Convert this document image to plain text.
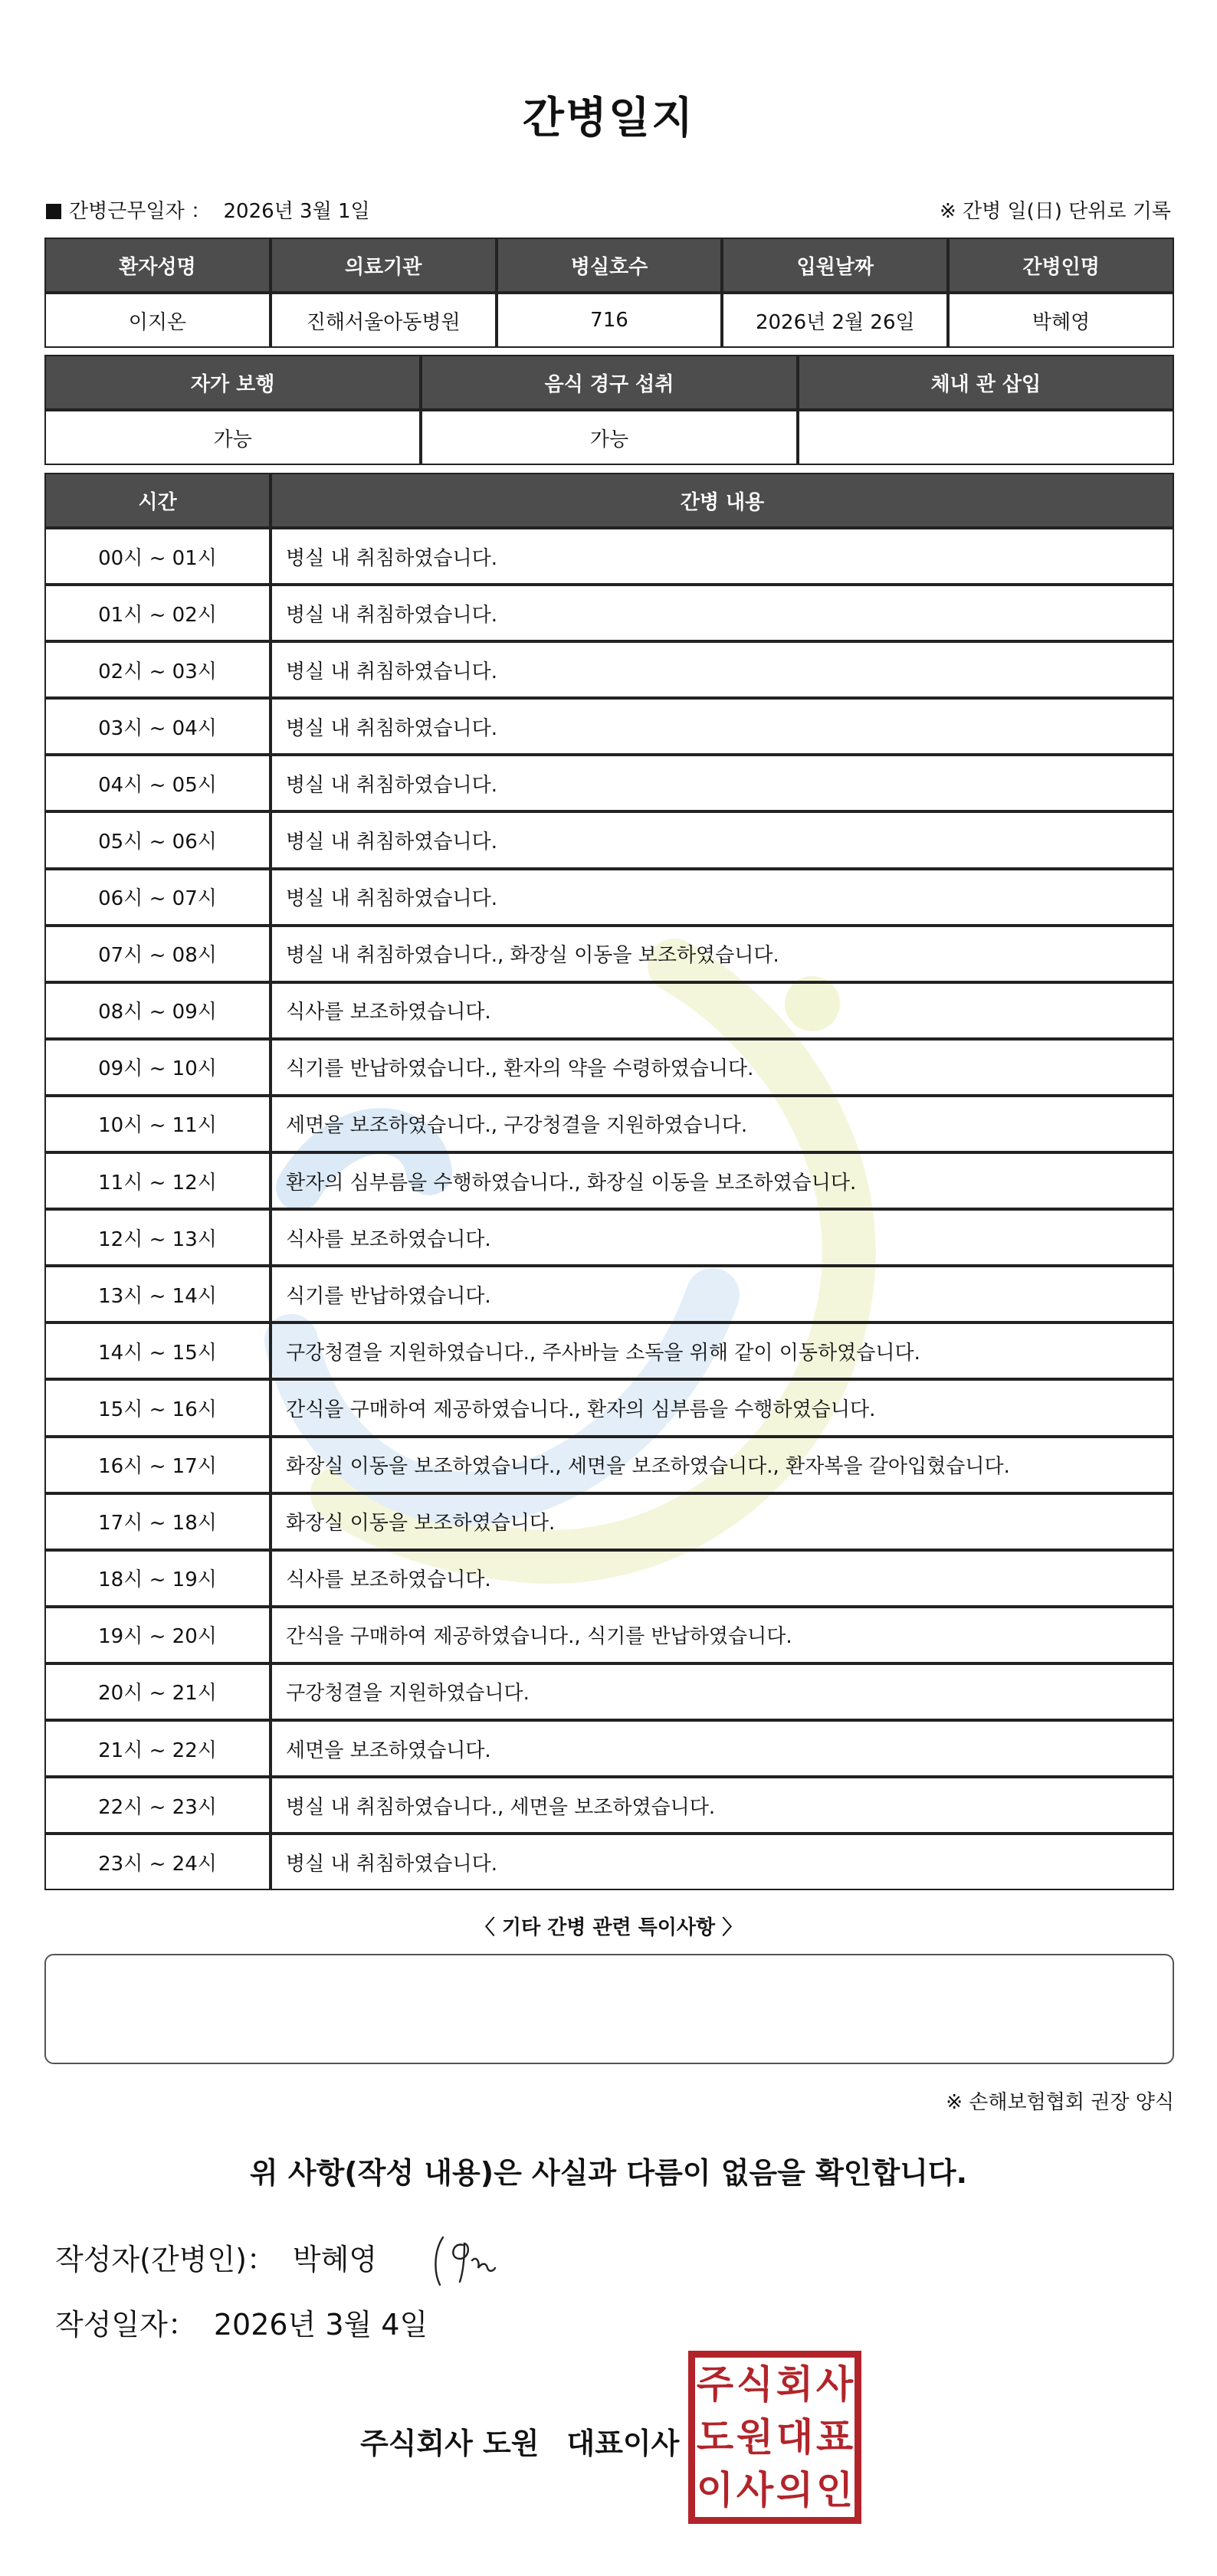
간병일지
간병근무일자 ： 2026년 3월 1일	※ 간병 일(日) 단위로 기록
환자성명	의료기관	병실호수	입원날짜	간병인명
이지온	진해서울아동병원	716	2026년 2월 26일	박혜영
자가 보행	음식 경구 섭취	체내 관 삽입
가능	가능	
시간	간병 내용
00시 ~ 01시	병실 내 취침하였습니다.
01시 ~ 02시	병실 내 취침하였습니다.
02시 ~ 03시	병실 내 취침하였습니다.
03시 ~ 04시	병실 내 취침하였습니다.
04시 ~ 05시	병실 내 취침하였습니다.
05시 ~ 06시	병실 내 취침하였습니다.
06시 ~ 07시	병실 내 취침하였습니다.
07시 ~ 08시	병실 내 취침하였습니다., 화장실 이동을 보조하였습니다.
08시 ~ 09시	식사를 보조하였습니다.
09시 ~ 10시	식기를 반납하였습니다., 환자의 약을 수령하였습니다.
10시 ~ 11시	세면을 보조하였습니다., 구강청결을 지원하였습니다.
11시 ~ 12시	환자의 심부름을 수행하였습니다., 화장실 이동을 보조하였습니다.
12시 ~ 13시	식사를 보조하였습니다.
13시 ~ 14시	식기를 반납하였습니다.
14시 ~ 15시	구강청결을 지원하였습니다., 주사바늘 소독을 위해 같이 이동하였습니다.
15시 ~ 16시	간식을 구매하여 제공하였습니다., 환자의 심부름을 수행하였습니다.
16시 ~ 17시	화장실 이동을 보조하였습니다., 세면을 보조하였습니다., 환자복을 갈아입혔습니다.
17시 ~ 18시	화장실 이동을 보조하였습니다.
18시 ~ 19시	식사를 보조하였습니다.
19시 ~ 20시	간식을 구매하여 제공하였습니다., 식기를 반납하였습니다.
20시 ~ 21시	구강청결을 지원하였습니다.
21시 ~ 22시	세면을 보조하였습니다.
22시 ~ 23시	병실 내 취침하였습니다., 세면을 보조하였습니다.
23시 ~ 24시	병실 내 취침하였습니다.
〈 기타 간병 관련 특이사항 〉
※ 손해보험협회 권장 양식
위 사항(작성 내용)은 사실과 다름이 없음을 확인합니다.
작성자(간병인)： 박혜영
작성일자： 2026년 3월 4일
주식회사 도원 대표이사
주 식 회 사
도 원 대 표
이 사 의 인
